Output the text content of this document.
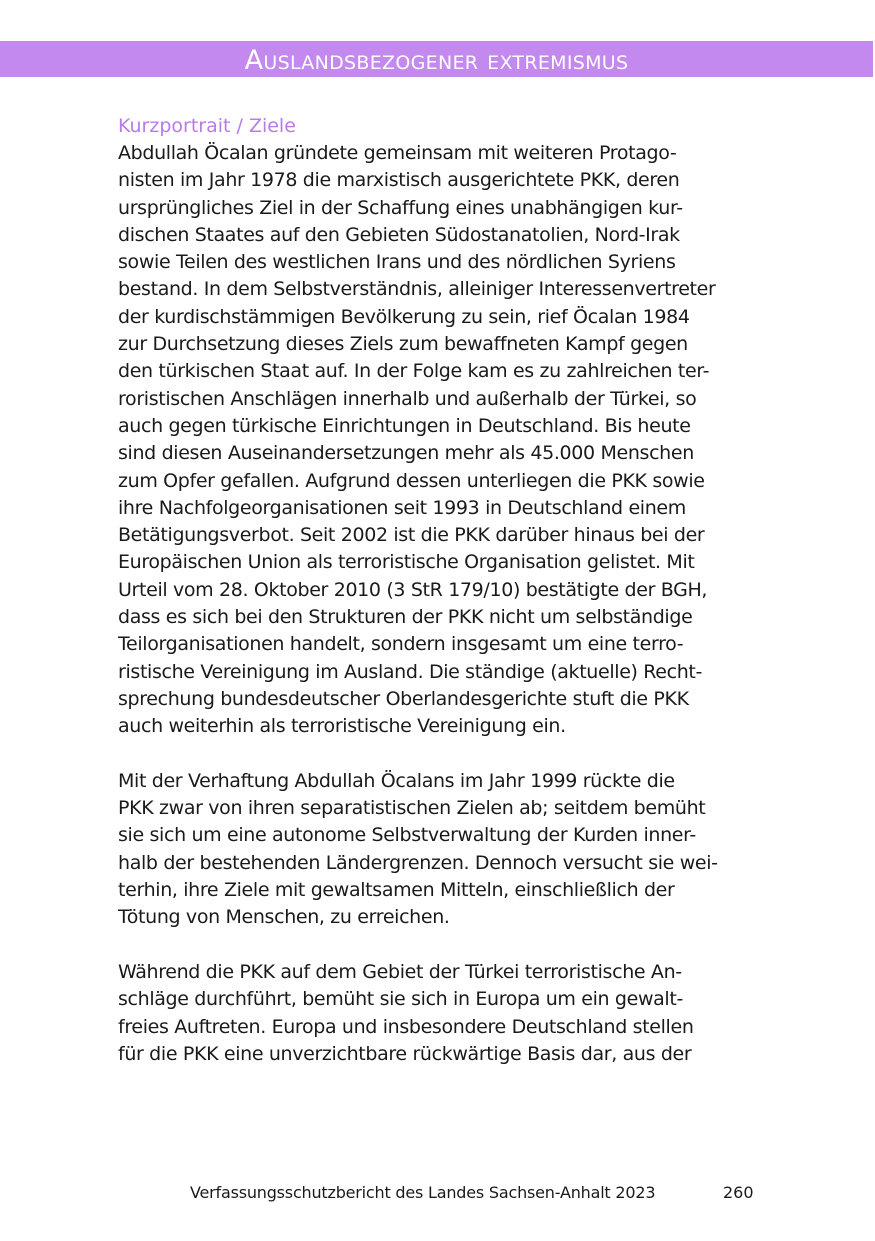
Auslandsbezogener extremismus
Kurzportrait / Ziele
Abdullah Öcalan gründete gemeinsam mit weiteren Protago-
nisten im Jahr 1978 die marxistisch ausgerichtete PKK, deren
ursprüngliches Ziel in der Schaffung eines unabhängigen kur-
dischen Staates auf den Gebieten Südostanatolien, Nord-Irak
sowie Teilen des westlichen Irans und des nördlichen Syriens
bestand. In dem Selbstverständnis, alleiniger Interessenvertreter
der kurdischstämmigen Bevölkerung zu sein, rief Öcalan 1984
zur Durchsetzung dieses Ziels zum bewaffneten Kampf gegen
den türkischen Staat auf. In der Folge kam es zu zahlreichen ter-
roristischen Anschlägen innerhalb und außerhalb der Türkei, so
auch gegen türkische Einrichtungen in Deutschland. Bis heute
sind diesen Auseinandersetzungen mehr als 45.000 Menschen
zum Opfer gefallen. Aufgrund dessen unterliegen die PKK sowie
ihre Nachfolgeorganisationen seit 1993 in Deutschland einem
Betätigungsverbot. Seit 2002 ist die PKK darüber hinaus bei der
Europäischen Union als terroristische Organisation gelistet. Mit
Urteil vom 28. Oktober 2010 (3 StR 179/10) bestätigte der BGH,
dass es sich bei den Strukturen der PKK nicht um selbständige
Teilorganisationen handelt, sondern insgesamt um eine terro-
ristische Vereinigung im Ausland. Die ständige (aktuelle) Recht-
sprechung bundesdeutscher Oberlandesgerichte stuft die PKK
auch weiterhin als terroristische Vereinigung ein.
Mit der Verhaftung Abdullah Öcalans im Jahr 1999 rückte die
PKK zwar von ihren separatistischen Zielen ab; seitdem bemüht
sie sich um eine autonome Selbstverwaltung der Kurden inner-
halb der bestehenden Ländergrenzen. Dennoch versucht sie wei-
terhin, ihre Ziele mit gewaltsamen Mitteln, einschließlich der
Tötung von Menschen, zu erreichen.
Während die PKK auf dem Gebiet der Türkei terroristische An-
schläge durchführt, bemüht sie sich in Europa um ein gewalt-
freies Auftreten. Europa und insbesondere Deutschland stellen
für die PKK eine unverzichtbare rückwärtige Basis dar, aus der
Verfassungsschutzbericht des Landes Sachsen-Anhalt 2023	260
